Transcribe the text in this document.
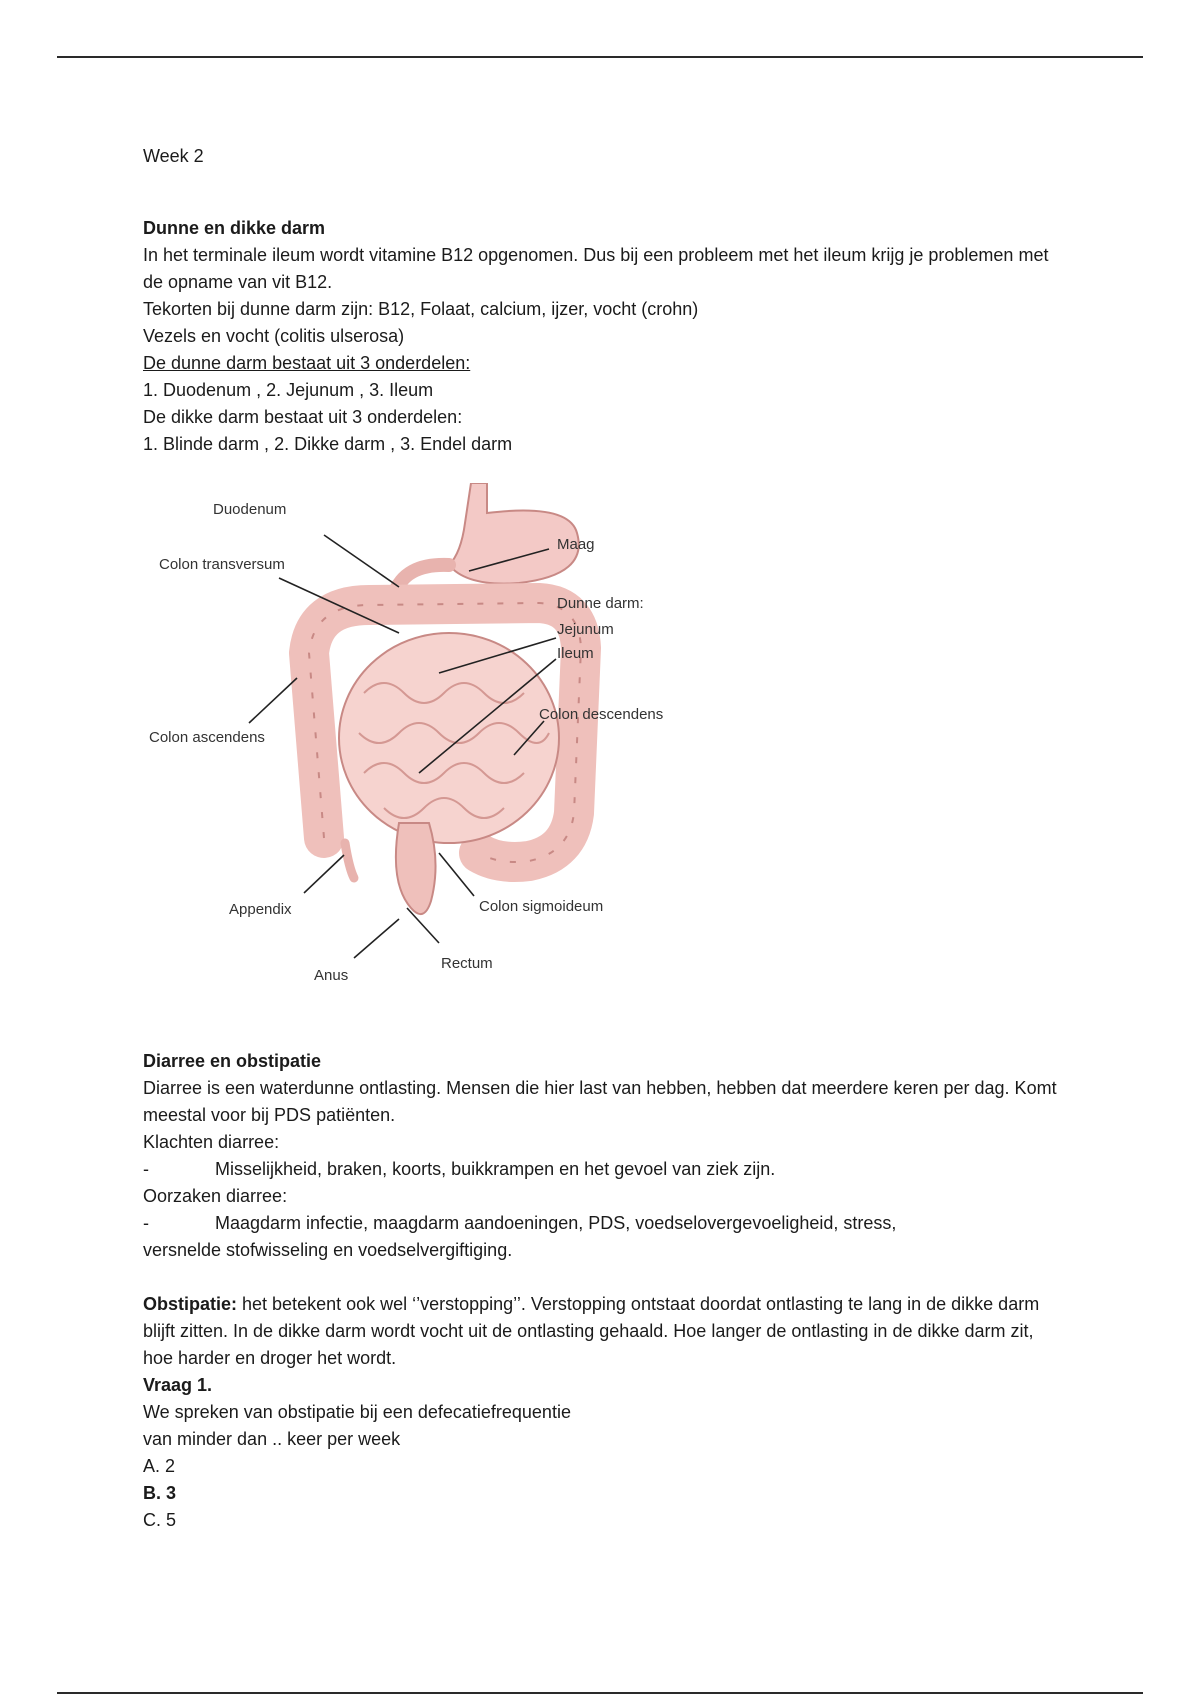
Week 2

Dunne en dikke darm

In het terminale ileum wordt vitamine B12 opgenomen. Dus bij een probleem met het ileum krijg je problemen met de opname van vit B12.

Tekorten bij dunne darm zijn: B12, Folaat, calcium, ijzer, vocht (crohn)

Vezels en vocht (colitis ulserosa)

De dunne darm bestaat uit 3 onderdelen:

1. Duodenum , 2. Jejunum , 3. Ileum

De dikke darm bestaat uit 3 onderdelen:

1. Blinde darm , 2. Dikke darm , 3. Endel darm

Duodenum
Colon transversum
Maag
Dunne darm:
Jejunum
Ileum
Colon descendens
Colon ascendens
Appendix	Colon sigmoideum
Rectum
Anus

Diarree en obstipatie

Diarree is een waterdunne ontlasting. Mensen die hier last van hebben, hebben dat meerdere keren per dag. Komt meestal voor bij PDS patiënten.

Klachten diarree:

-	Misselijkheid, braken, koorts, buikkrampen en het gevoel van ziek zijn.

Oorzaken diarree:

-	Maagdarm infectie, maagdarm aandoeningen, PDS, voedselovergevoeligheid, stress,

versnelde stofwisseling en voedselvergiftiging.

Obstipatie: het betekent ook wel ‘’verstopping’’. Verstopping ontstaat doordat ontlasting te lang in de dikke darm blijft zitten. In de dikke darm wordt vocht uit de ontlasting gehaald. Hoe langer de ontlasting in de dikke darm zit, hoe harder en droger het wordt.

Vraag 1.

We spreken van obstipatie bij een defecatiefrequentie

van minder dan .. keer per week

A. 2

B. 3

C. 5
